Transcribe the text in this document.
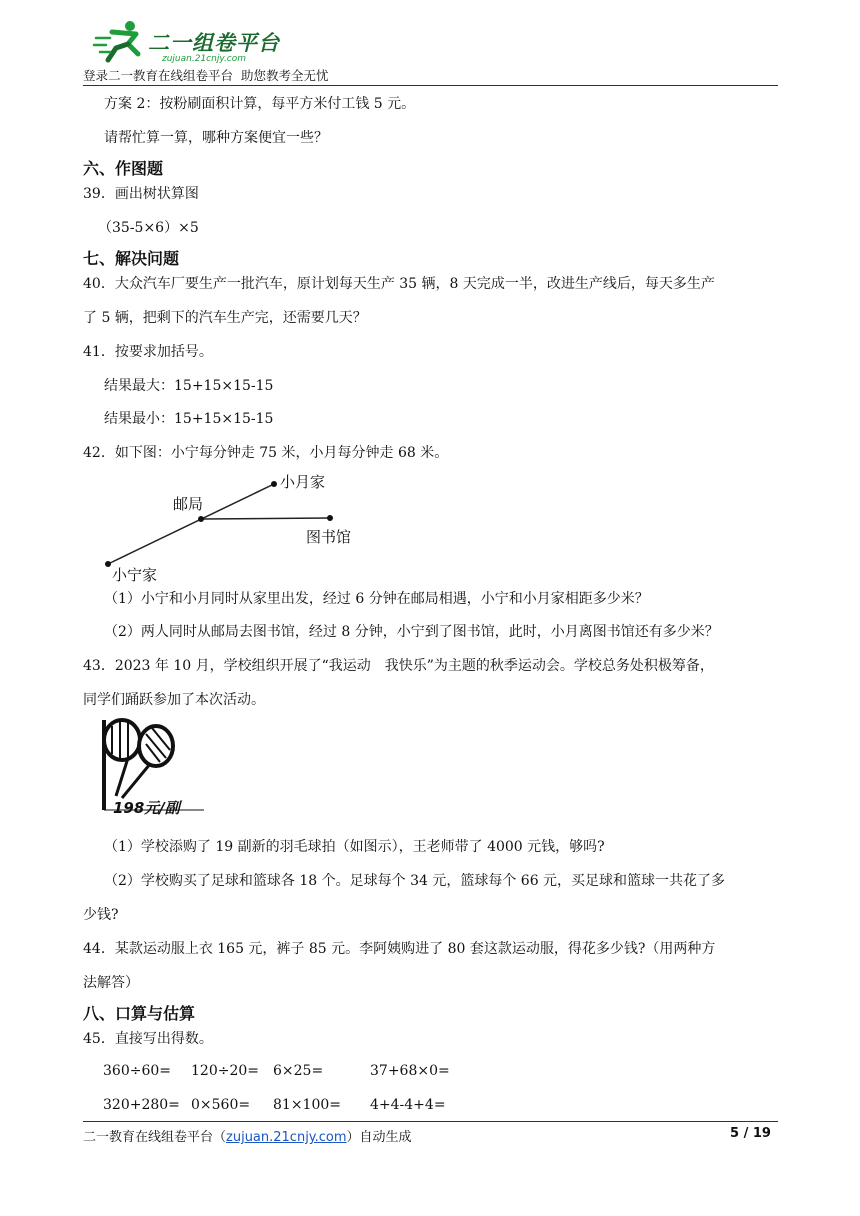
二一组卷平台
zujuan.21cnjy.com
登录二一教育在线组卷平台  助您教考全无忧
方案 2：按粉刷面积计算，每平方米付工钱 5 元。
请帮忙算一算，哪种方案便宜一些？
六、作图题
39．画出树状算图
（35-5×6）×5
七、解决问题
40．大众汽车厂要生产一批汽车，原计划每天生产 35 辆，8 天完成一半，改进生产线后，每天多生产
了 5 辆，把剩下的汽车生产完，还需要几天？
41．按要求加括号。
结果最大：15+15×15-15
结果最小：15+15×15-15
42．如下图：小宁每分钟走 75 米，小月每分钟走 68 米。
小月家
邮局
图书馆
小宁家
（1）小宁和小月同时从家里出发，经过 6 分钟在邮局相遇，小宁和小月家相距多少米？
（2）两人同时从邮局去图书馆，经过 8 分钟，小宁到了图书馆，此时，小月离图书馆还有多少米？
43．2023 年 10 月，学校组织开展了“我运动　我快乐”为主题的秋季运动会。学校总务处积极筹备，
同学们踊跃参加了本次活动。
198元/副
（1）学校添购了 19 副新的羽毛球拍（如图示），王老师带了 4000 元钱，够吗?
（2）学校购买了足球和篮球各 18 个。足球每个 34 元，篮球每个 66 元，买足球和篮球一共花了多
少钱?
44．某款运动服上衣 165 元，裤子 85 元。李阿姨购进了 80 套这款运动服，得花多少钱?（用两种方
法解答）
八、口算与估算
45．直接写出得数。
360÷60= 120÷20= 6×25=	37+68×0=
320+280= 0×560= 81×100= 4+4-4+4=
二一教育在线组卷平台（zujuan.21cnjy.com）自动生成	5 / 19
